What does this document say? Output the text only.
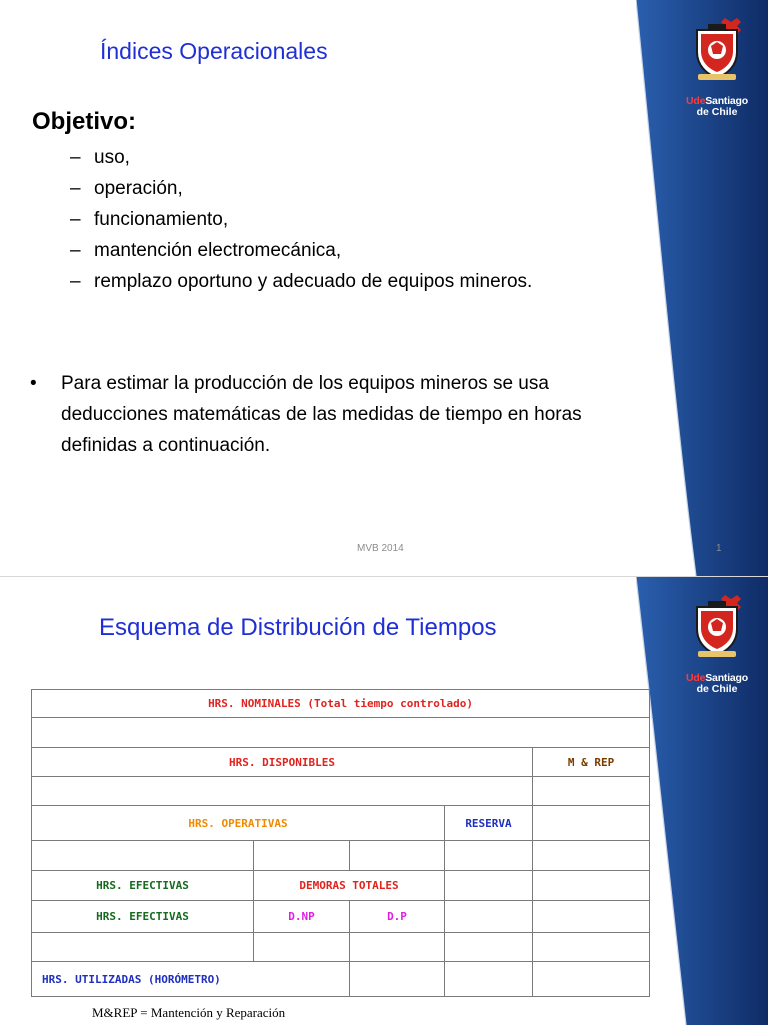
UdeSantiago
de Chile
Índices Operacionales
Objetivo:
– uso,
– operación,
– funcionamiento,
– mantención electromecánica,
– remplazo oportuno y adecuado de equipos mineros.
• Para estimar la producción de los equipos mineros se usa deducciones matemáticas de las medidas de tiempo en horas definidas a continuación.
MVB 2014	1
UdeSantiago
de Chile
Esquema de Distribución de Tiempos
HRS. NOMINALES (Total tiempo controlado)				

HRS. DISPONIBLES				M & REP

HRS. OPERATIVAS			RESERVA	

HRS. EFECTIVAS	DEMORAS TOTALES			
HRS. EFECTIVAS	D.NP	D.P		

HRS. UTILIZADAS (HORÓMETRO)				
M&REP = Mantención y Reparación
